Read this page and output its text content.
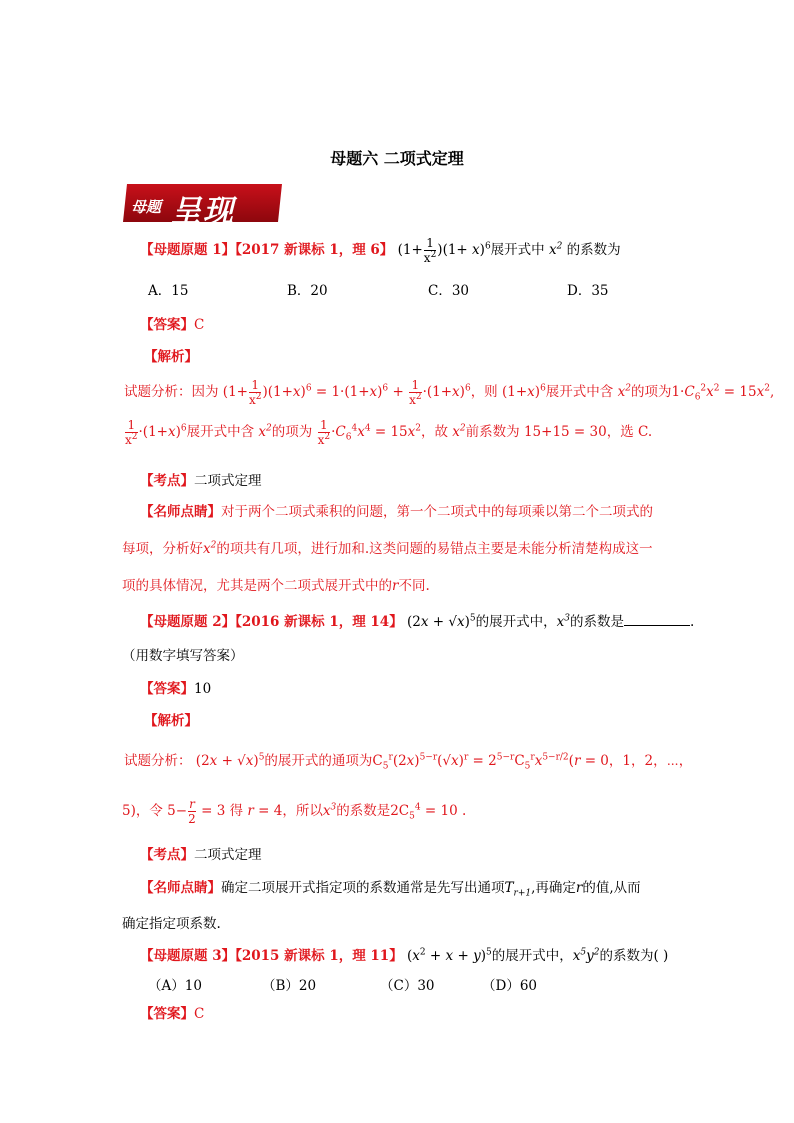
母题六 二项式定理
母题 呈现
【母题原题 1】【2017 新课标 1，理 6】 $(1+ \frac{1}{x^2} )(1+ x)^6$展开式中 $x^2$ 的系数为
A．15	B．20	C．30	D．35
【答案】C
【解析】
试题分析：因为 $(1+ \frac{1}{x^2} )(1+x)^6 = 1\cdot(1+x)^6 + \frac{1}{x^2} \cdot(1+x)^6$，则 $(1+x)^6$展开式中含 $x^2$的项为$1\cdot C_6^2x^2 = 15x^2$,
$\frac{1}{x^2} \cdot(1+x)^6$展开式中含 $x^2$的项为 $\frac{1}{x^2} \cdot C_6^4x^4 = 15x^2$，故 $x^2$前系数为 15+15 = 30，选 C.
【考点】二项式定理
【名师点睛】对于两个二项式乘积的问题，第一个二项式中的每项乘以第二个二项式的
每项，分析好$x^2$的项共有几项，进行加和.这类问题的易错点主要是未能分析清楚构成这一
项的具体情况，尤其是两个二项式展开式中的r不同.
【母题原题 2】【2016 新课标 1，理 14】 $(2x + √x)^5$的展开式中，$x^3$的系数是	.
（用数字填写答案）
【答案】10
【解析】
试题分析： $(2x + √x)^5$的展开式的通项为$C_5^r(2x)^{5-r}(√x)^r = 2^{5-r}C_5^rx^{5-r/2}(r = 0$，1，2，⋯，
5)，令 $5- \frac{r}{2} = 3$ 得 r = 4，所以$x^3$的系数是$2C_5^4 = 10$ .
【考点】二项式定理
【名师点睛】确定二项展开式指定项的系数通常是先写出通项$T_{r+1}$,再确定r的值,从而
确定指定项系数.
【母题原题 3】【2015 新课标 1，理 11】 $(x^2 + x + y)^5$的展开式中，$x^5y^2$的系数为( )
（A）10	（B）20	（C）30	（D）60
【答案】C
